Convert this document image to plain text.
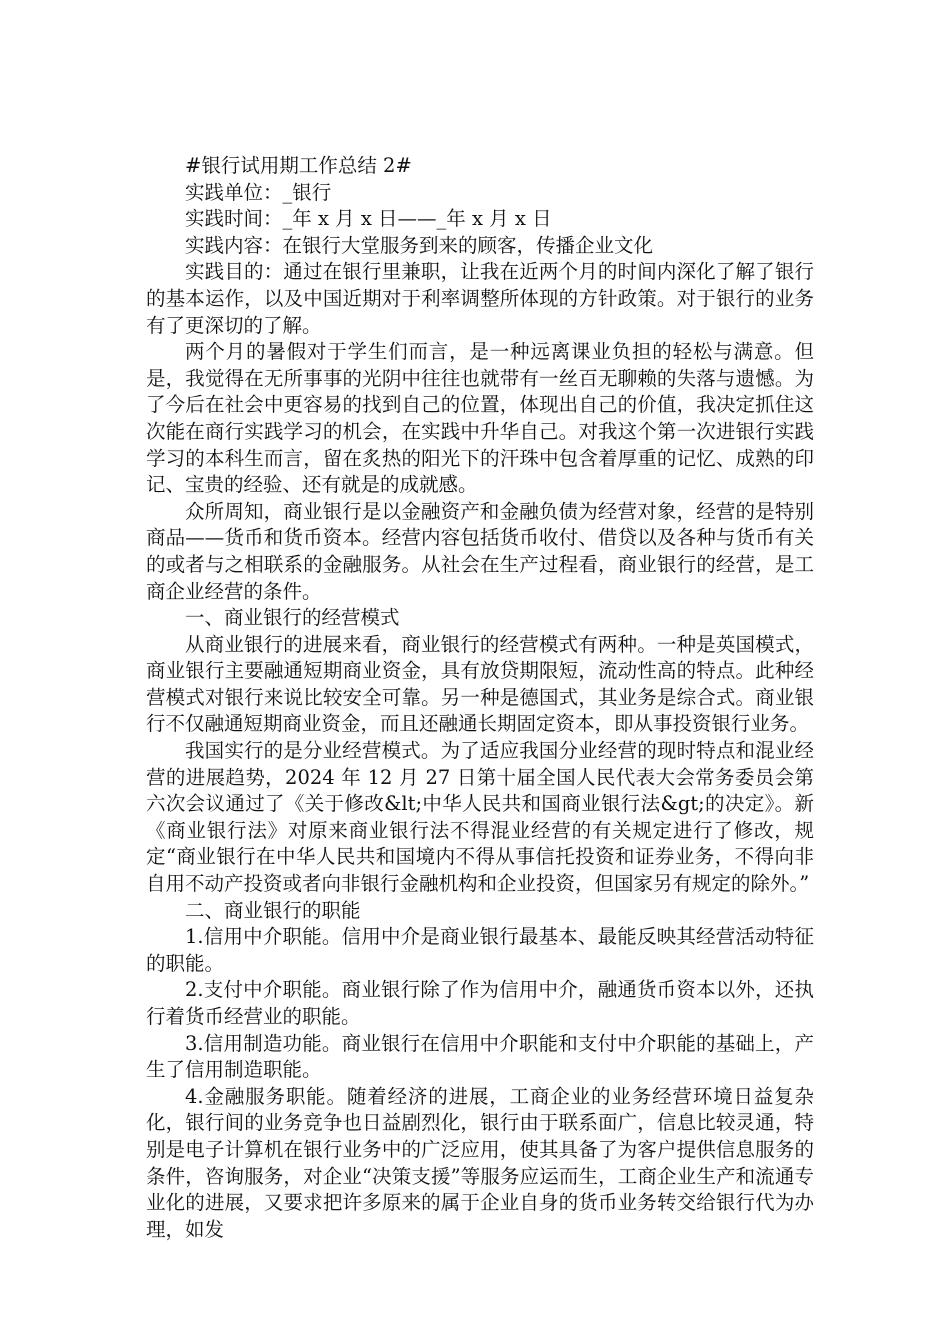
#银行试用期工作总结 2#

实践单位：_银行

实践时间：_年 x 月 x 日——_年 x 月 x 日

实践内容：在银行大堂服务到来的顾客，传播企业文化

实践目的：通过在银行里兼职，让我在近两个月的时间内深化了解了银行的基本运作，以及中国近期对于利率调整所体现的方针政策。对于银行的业务有了更深切的了解。

两个月的暑假对于学生们而言，是一种远离课业负担的轻松与满意。但是，我觉得在无所事事的光阴中往往也就带有一丝百无聊赖的失落与遗憾。为了今后在社会中更容易的找到自己的位置，体现出自己的价值，我决定抓住这次能在商行实践学习的机会，在实践中升华自己。对我这个第一次进银行实践学习的本科生而言，留在炙热的阳光下的汗珠中包含着厚重的记忆、成熟的印记、宝贵的经验、还有就是的成就感。

众所周知，商业银行是以金融资产和金融负债为经营对象，经营的是特别商品——货币和货币资本。经营内容包括货币收付、借贷以及各种与货币有关的或者与之相联系的金融服务。从社会在生产过程看，商业银行的经营，是工商企业经营的条件。

一、商业银行的经营模式

从商业银行的进展来看，商业银行的经营模式有两种。一种是英国模式，商业银行主要融通短期商业资金，具有放贷期限短，流动性高的特点。此种经营模式对银行来说比较安全可靠。另一种是德国式，其业务是综合式。商业银行不仅融通短期商业资金，而且还融通长期固定资本，即从事投资银行业务。

我国实行的是分业经营模式。为了适应我国分业经营的现时特点和混业经营的进展趋势，2024 年 12 月 27 日第十届全国人民代表大会常务委员会第六次会议通过了《关于修改&lt;中华人民共和国商业银行法&gt;的决定》。新《商业银行法》对原来商业银行法不得混业经营的有关规定进行了修改，规定“商业银行在中华人民共和国境内不得从事信托投资和证券业务，不得向非自用不动产投资或者向非银行金融机构和企业投资，但国家另有规定的除外。”

二、商业银行的职能

1.信用中介职能。信用中介是商业银行最基本、最能反映其经营活动特征的职能。

2.支付中介职能。商业银行除了作为信用中介，融通货币资本以外，还执行着货币经营业的职能。

3.信用制造功能。商业银行在信用中介职能和支付中介职能的基础上，产生了信用制造职能。

4.金融服务职能。随着经济的进展，工商企业的业务经营环境日益复杂化，银行间的业务竞争也日益剧烈化，银行由于联系面广，信息比较灵通，特别是电子计算机在银行业务中的广泛应用，使其具备了为客户提供信息服务的条件，咨询服务，对企业“决策支援”等服务应运而生，工商企业生产和流通专业化的进展，又要求把许多原来的属于企业自身的货币业务转交给银行代为办理，如发
